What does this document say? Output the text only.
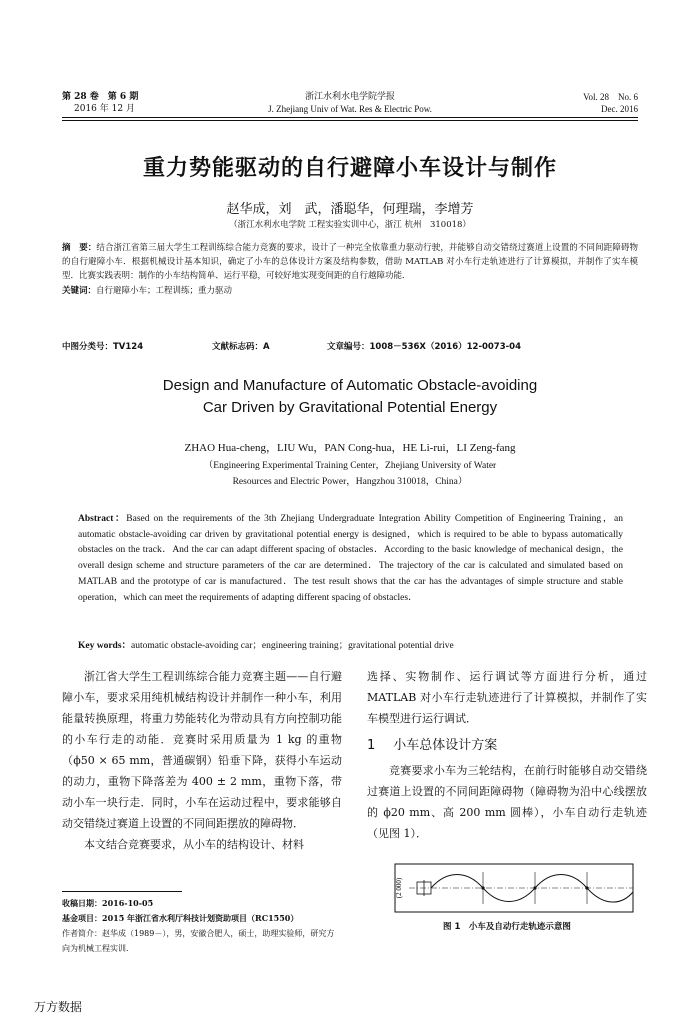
第 28 卷　第 6 期
2016 年 12 月
浙江水利水电学院学报
J. Zhejiang Univ of Wat. Res & Electric Pow.
Vol. 28　No. 6
Dec. 2016
重力势能驱动的自行避障小车设计与制作
赵华成，刘　武，潘聪华，何理瑞，李增芳
（浙江水利水电学院 工程实验实训中心，浙江 杭州　310018）
摘　要：结合浙江省第三届大学生工程训练综合能力竞赛的要求，设计了一种完全依靠重力驱动行驶，并能够自动交错绕过赛道上设置的不同间距障碍物的自行避障小车．根据机械设计基本知识，确定了小车的总体设计方案及结构参数，借助 MATLAB 对小车行走轨迹进行了计算模拟，并制作了实车模型．比赛实践表明：制作的小车结构简单、运行平稳，可较好地实现变间距的自行越障功能．
关键词：自行避障小车；工程训练；重力驱动
中图分类号：TV124	文献标志码：A	文章编号：1008－536X（2016）12-0073-04
Design and Manufacture of Automatic Obstacle-avoiding
Car Driven by Gravitational Potential Energy
ZHAO Hua-cheng，LIU Wu，PAN Cong-hua，HE Li-rui，LI Zeng-fang
（Engineering Experimental Training Center，Zhejiang University of Water
Resources and Electric Power，Hangzhou 310018，China）
Abstract：Based on the requirements of the 3th Zhejiang Undergraduate Integration Ability Competition of Engineering Training，an automatic obstacle-avoiding car driven by gravitational potential energy is designed，which is required to be able to bypass automatically obstacles on the track．And the car can adapt different spacing of obstacles．According to the basic knowledge of mechanical design，the overall design scheme and structure parameters of the car are determined．The trajectory of the car is calculated and simulated based on MATLAB and the prototype of car is manufactured．The test result shows that the car has the advantages of simple structure and stable operation，which can meet the requirements of adapting different spacing of obstacles．
Key words：automatic obstacle-avoiding car；engineering training；gravitational potential drive

浙江省大学生工程训练综合能力竞赛主题——自行避障小车，要求采用纯机械结构设计并制作一种小车，利用能量转换原理，将重力势能转化为带动具有方向控制功能的小车行走的动能．竞赛时采用质量为 1 kg 的重物（ϕ50 × 65 mm，普通碳钢）铅垂下降，获得小车运动的动力，重物下降落差为 400 ± 2 mm，重物下落，带动小车一块行走．同时，小车在运动过程中，要求能够自动交错绕过赛道上设置的不同间距摆放的障碍物．

本文结合竞赛要求，从小车的结构设计、材料

选择、实物制作、运行调试等方面进行分析，通过 MATLAB 对小车行走轨迹进行了计算模拟，并制作了实车模型进行运行调试．

1 小车总体设计方案

竞赛要求小车为三轮结构，在前行时能够自动交错绕过赛道上设置的不同间距障碍物（障碍物为沿中心线摆放的 ϕ20 mm、高 200 mm 圆棒），小车自动行走轨迹（见图 1）．

收稿日期：2016-10-05

基金项目：2015 年浙江省水利厅科技计划资助项目（RC1550）

作者简介：赵华成（1989－），男，安徽合肥人，硕士，助理实验师，研究方向为机械工程实训．

(2 000)
图 1　小车及自动行走轨迹示意图
万方数据
